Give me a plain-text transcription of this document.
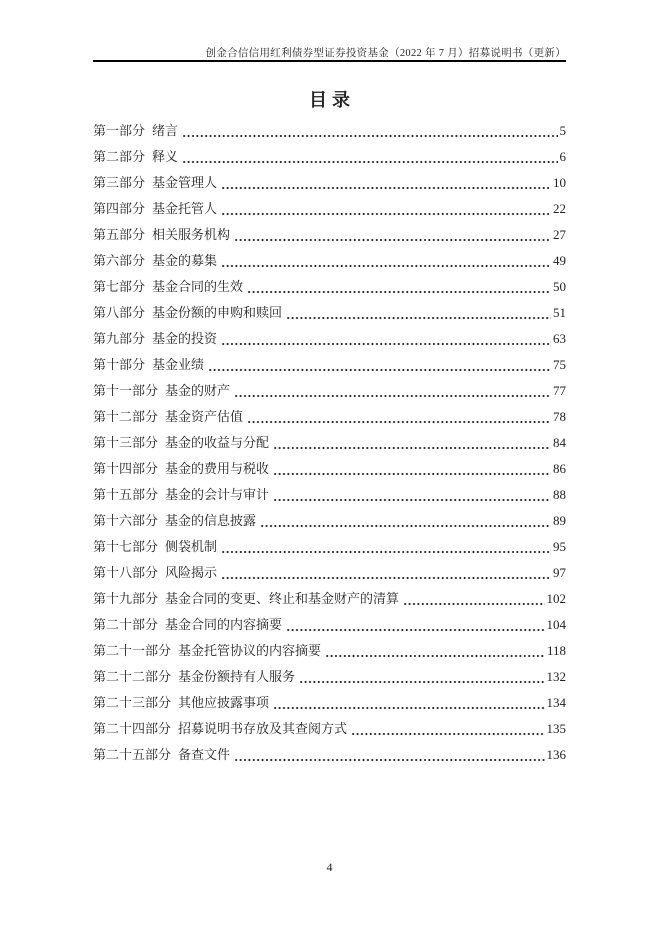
创金合信信用红利债券型证券投资基金（2022 年 7 月）招募说明书（更新）
目录
第一部分 绪言	5
第二部分 释义	6
第三部分 基金管理人	10
第四部分 基金托管人	22
第五部分 相关服务机构	27
第六部分 基金的募集	49
第七部分 基金合同的生效	50
第八部分 基金份额的申购和赎回	51
第九部分 基金的投资	63
第十部分 基金业绩	75
第十一部分 基金的财产	77
第十二部分 基金资产估值	78
第十三部分 基金的收益与分配	84
第十四部分 基金的费用与税收	86
第十五部分 基金的会计与审计	88
第十六部分 基金的信息披露	89
第十七部分 侧袋机制	95
第十八部分 风险揭示	97
第十九部分 基金合同的变更、终止和基金财产的清算	102
第二十部分 基金合同的内容摘要	104
第二十一部分 基金托管协议的内容摘要	118
第二十二部分 基金份额持有人服务	132
第二十三部分 其他应披露事项	134
第二十四部分 招募说明书存放及其查阅方式	135
第二十五部分 备查文件	136
4
